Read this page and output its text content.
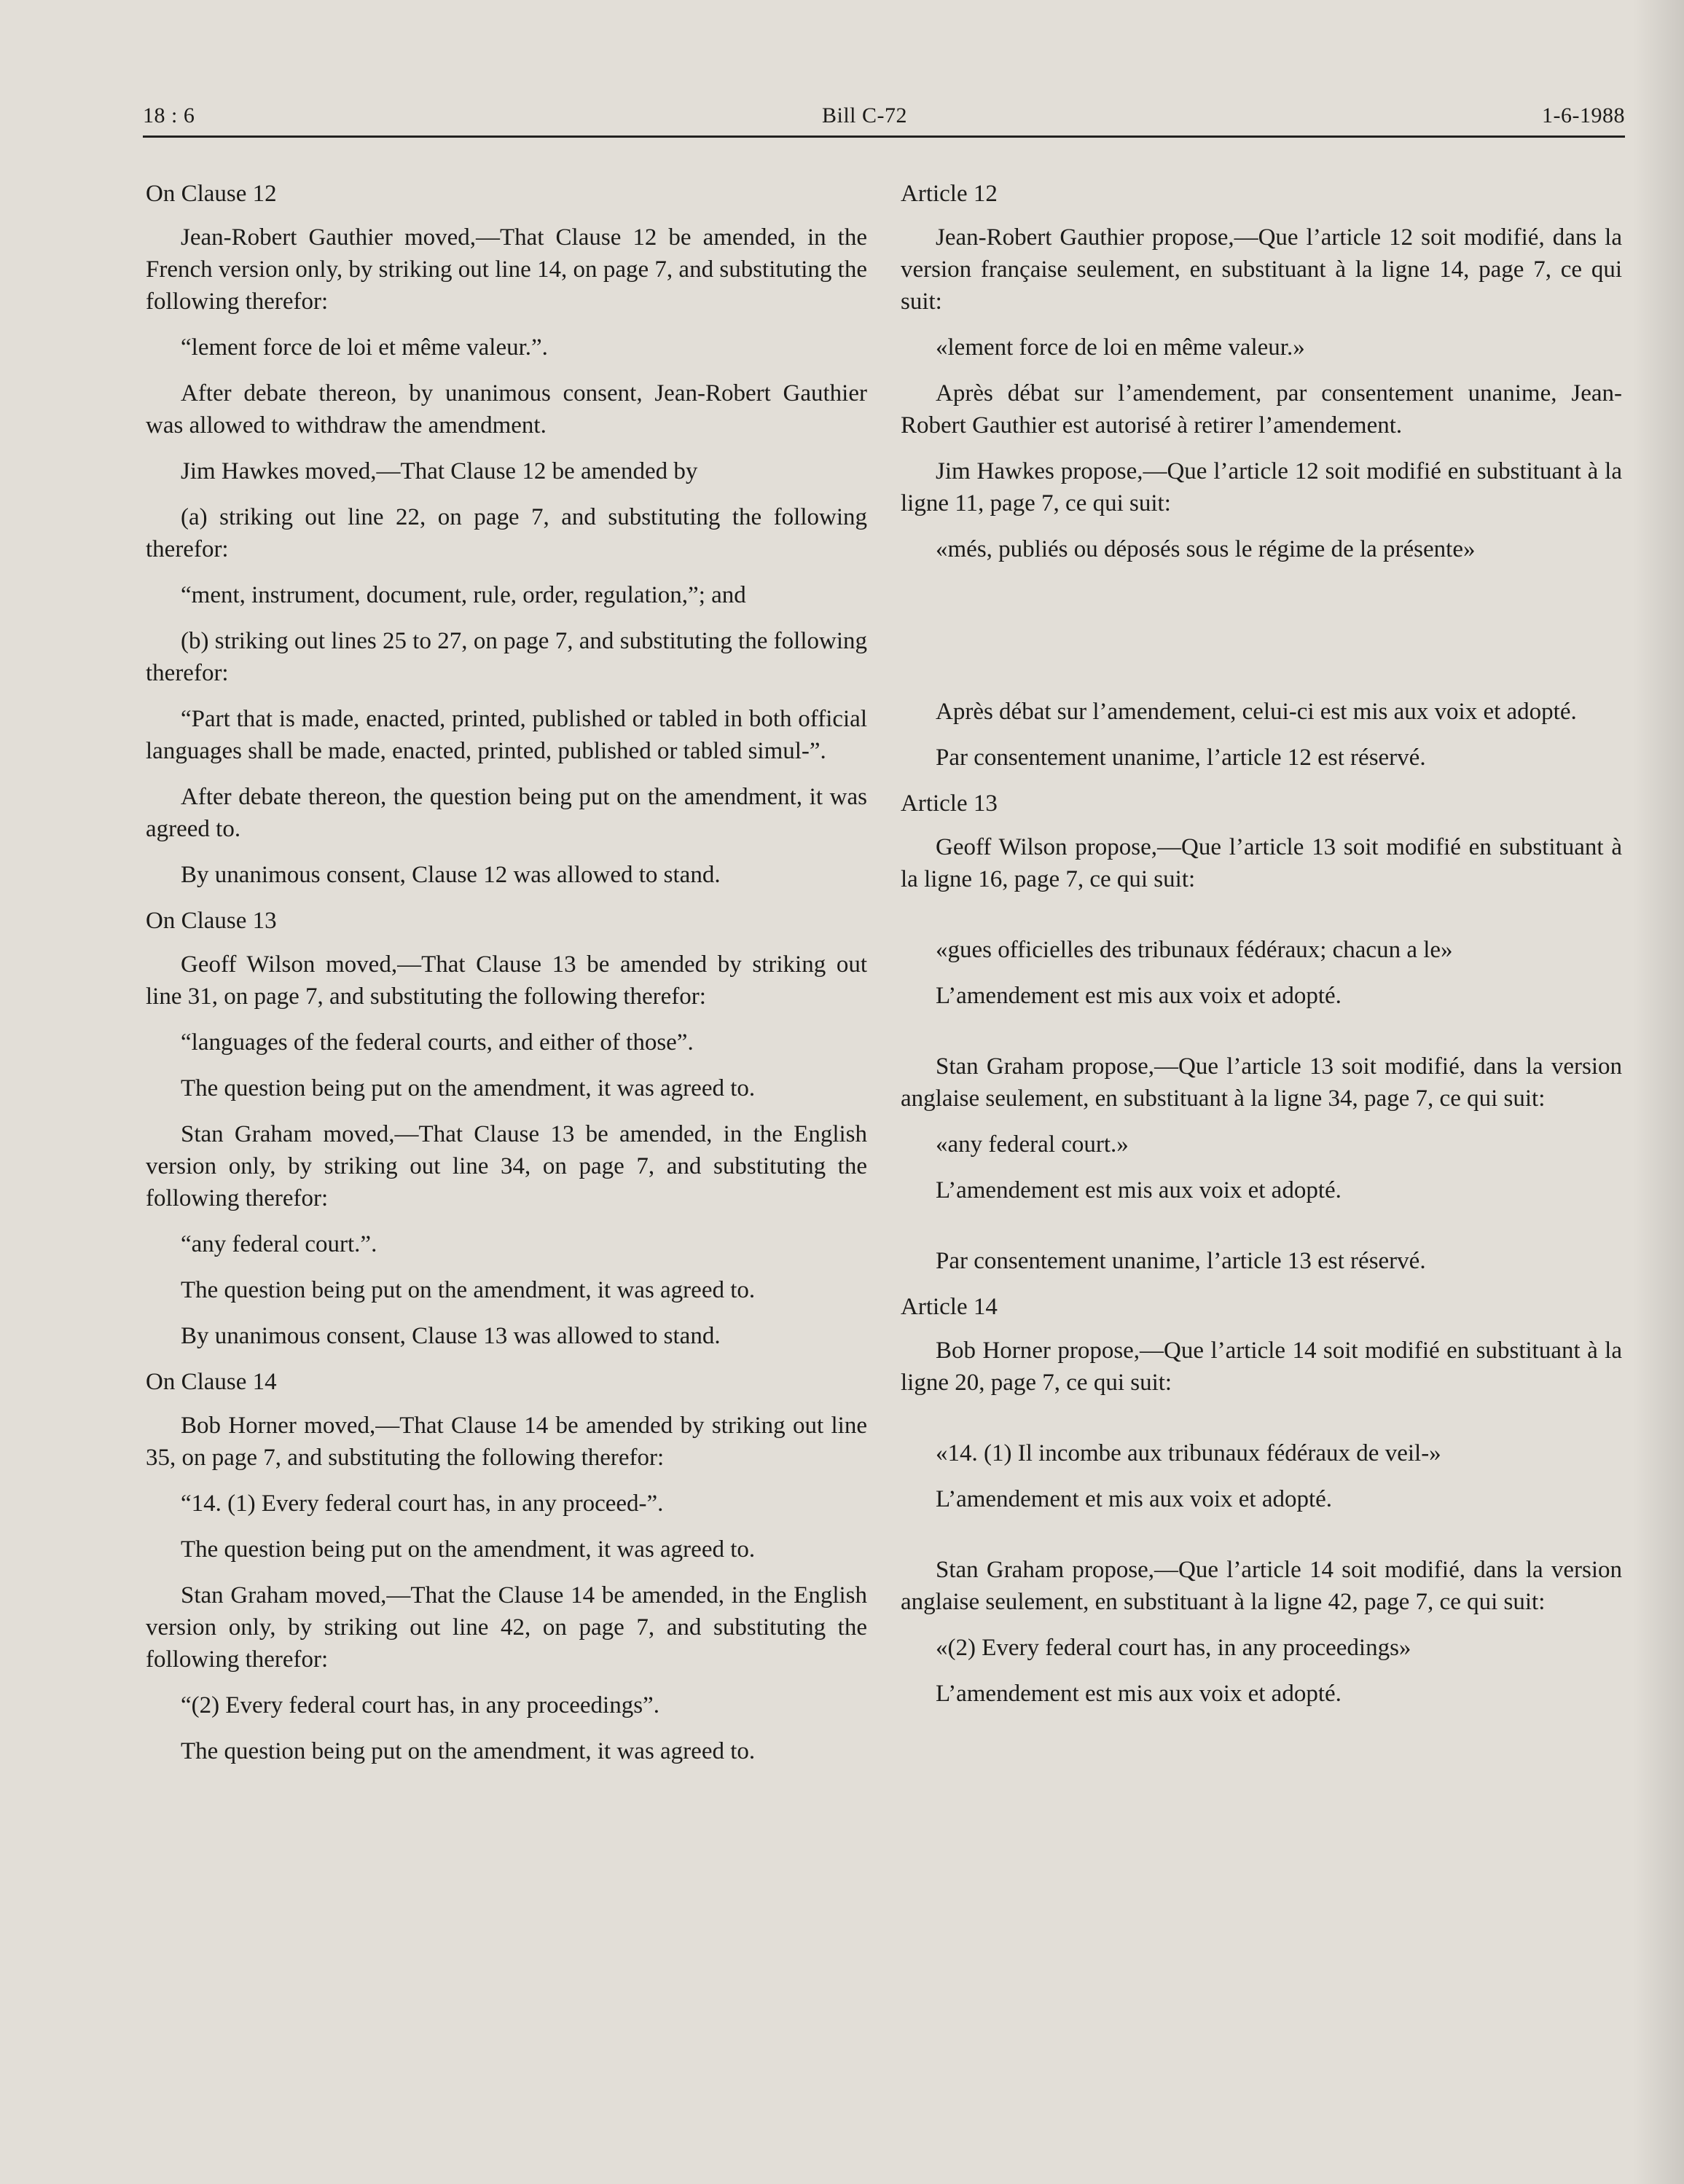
18 : 6	Bill C-72	1-6-1988

On Clause 12

Jean-Robert Gauthier moved,—That Clause 12 be amended, in the French version only, by striking out line 14, on page 7, and substituting the following therefor:

“lement force de loi et même valeur.”.

After debate thereon, by unanimous consent, Jean-Robert Gauthier was allowed to withdraw the amendment.

Jim Hawkes moved,—That Clause 12 be amended by

(a) striking out line 22, on page 7, and substituting the following therefor:

“ment, instrument, document, rule, order, regulation,”; and

(b) striking out lines 25 to 27, on page 7, and substituting the following therefor:

“Part that is made, enacted, printed, published or tabled in both official languages shall be made, enacted, printed, published or tabled simul-”.

After debate thereon, the question being put on the amendment, it was agreed to.

By unanimous consent, Clause 12 was allowed to stand.

On Clause 13

Geoff Wilson moved,—That Clause 13 be amended by striking out line 31, on page 7, and substituting the following therefor:

“languages of the federal courts, and either of those”.

The question being put on the amendment, it was agreed to.

Stan Graham moved,—That Clause 13 be amended, in the English version only, by striking out line 34, on page 7, and substituting the following therefor:

“any federal court.”.

The question being put on the amendment, it was agreed to.

By unanimous consent, Clause 13 was allowed to stand.

On Clause 14

Bob Horner moved,—That Clause 14 be amended by striking out line 35, on page 7, and substituting the following therefor:

“14. (1) Every federal court has, in any proceed-”.

The question being put on the amendment, it was agreed to.

Stan Graham moved,—That the Clause 14 be amended, in the English version only, by striking out line 42, on page 7, and substituting the following therefor:

“(2) Every federal court has, in any proceedings”.

The question being put on the amendment, it was agreed to.

Article 12

Jean-Robert Gauthier propose,—Que l’article 12 soit modifié, dans la version française seulement, en substituant à la ligne 14, page 7, ce qui suit:

«lement force de loi en même valeur.»

Après débat sur l’amendement, par consentement unanime, Jean-Robert Gauthier est autorisé à retirer l’amendement.

Jim Hawkes propose,—Que l’article 12 soit modifié en substituant à la ligne 11, page 7, ce qui suit:

«més, publiés ou déposés sous le régime de la présente»

Après débat sur l’amendement, celui-ci est mis aux voix et adopté.

Par consentement unanime, l’article 12 est réservé.

Article 13

Geoff Wilson propose,—Que l’article 13 soit modifié en substituant à la ligne 16, page 7, ce qui suit:

«gues officielles des tribunaux fédéraux; chacun a le»

L’amendement est mis aux voix et adopté.

Stan Graham propose,—Que l’article 13 soit modifié, dans la version anglaise seulement, en substituant à la ligne 34, page 7, ce qui suit:

«any federal court.»

L’amendement est mis aux voix et adopté.

Par consentement unanime, l’article 13 est réservé.

Article 14

Bob Horner propose,—Que l’article 14 soit modifié en substituant à la ligne 20, page 7, ce qui suit:

«14. (1) Il incombe aux tribunaux fédéraux de veil-»

L’amendement et mis aux voix et adopté.

Stan Graham propose,—Que l’article 14 soit modifié, dans la version anglaise seulement, en substituant à la ligne 42, page 7, ce qui suit:

«(2) Every federal court has, in any proceedings»

L’amendement est mis aux voix et adopté.
